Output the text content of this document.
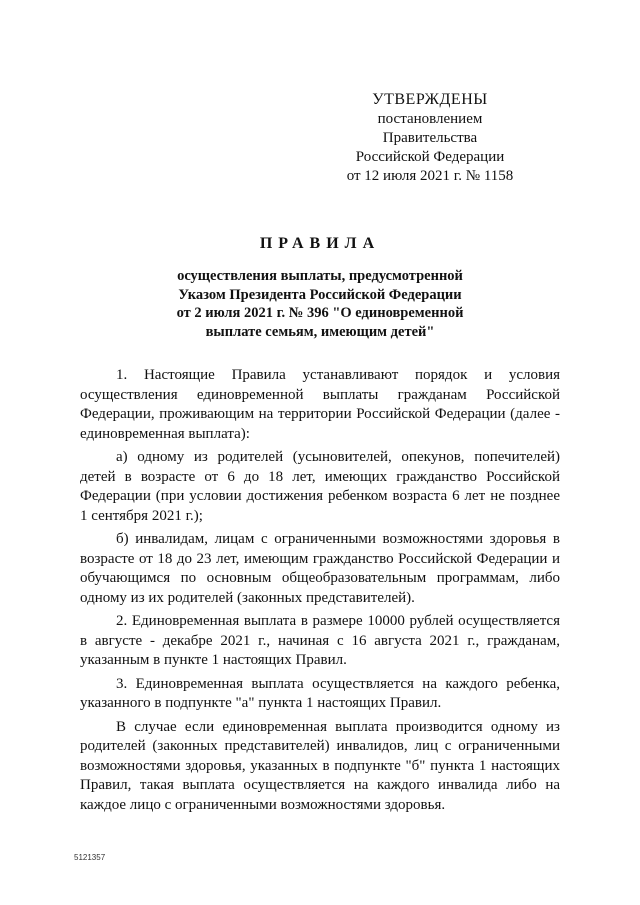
УТВЕРЖДЕНЫ
постановлением Правительства
Российской Федерации
от 12 июля 2021 г. № 1158
ПРАВИЛА
осуществления выплаты, предусмотренной
Указом Президента Российской Федерации
от 2 июля 2021 г. № 396 "О единовременной
выплате семьям, имеющим детей"

1. Настоящие Правила устанавливают порядок и условия осуществления единовременной выплаты гражданам Российской Федерации, проживающим на территории Российской Федерации (далее - единовременная выплата):

а) одному из родителей (усыновителей, опекунов, попечителей) детей в возрасте от 6 до 18 лет, имеющих гражданство Российской Федерации (при условии достижения ребенком возраста 6 лет не позднее 1 сентября 2021 г.);

б) инвалидам, лицам с ограниченными возможностями здоровья в возрасте от 18 до 23 лет, имеющим гражданство Российской Федерации и обучающимся по основным общеобразовательным программам, либо одному из их родителей (законных представителей).

2. Единовременная выплата в размере 10000 рублей осуществляется в августе - декабре 2021 г., начиная с 16 августа 2021 г., гражданам, указанным в пункте 1 настоящих Правил.

3. Единовременная выплата осуществляется на каждого ребенка, указанного в подпункте "а" пункта 1 настоящих Правил.

В случае если единовременная выплата производится одному из родителей (законных представителей) инвалидов, лиц с ограниченными возможностями здоровья, указанных в подпункте "б" пункта 1 настоящих Правил, такая выплата осуществляется на каждого инвалида либо на каждое лицо с ограниченными возможностями здоровья.

5121357
